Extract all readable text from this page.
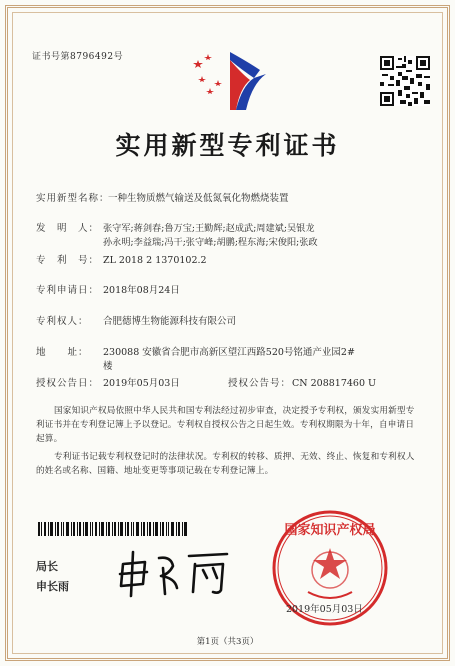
证书号第8796492号
实用新型专利证书
实用新型名称：
一种生物质燃气输送及低氮氧化物燃烧装置
发　明　人： 张守军;蒋剑春;鲁万宝;王勤辉;赵成武;周建斌;吴银龙
孙永明;李益瑞;冯干;张守峰;胡鹏;程东海;宋俊阳;张政
专　利　号： ZL 2018 2 1370102.2
专利申请日： 2018年08月24日
专利权人： 合肥德博生物能源科技有限公司
地　　址： 230088 安徽省合肥市高新区望江西路520号铭通产业园2#
楼
授权公告日： 2019年05月03日	授权公告号： CN 208817460 U
国家知识产权局依照中华人民共和国专利法经过初步审查，决定授予专利权，颁发实用新型专利证书并在专利登记簿上予以登记。专利权自授权公告之日起生效。专利权期限为十年，自申请日起算。
专利证书记载专利权登记时的法律状况。专利权的转移、质押、无效、终止、恢复和专利权人的姓名或名称、国籍、地址变更等事项记载在专利登记簿上。
局长
申长雨
国家知识产权局
2019年05月03日
第1页（共3页）
